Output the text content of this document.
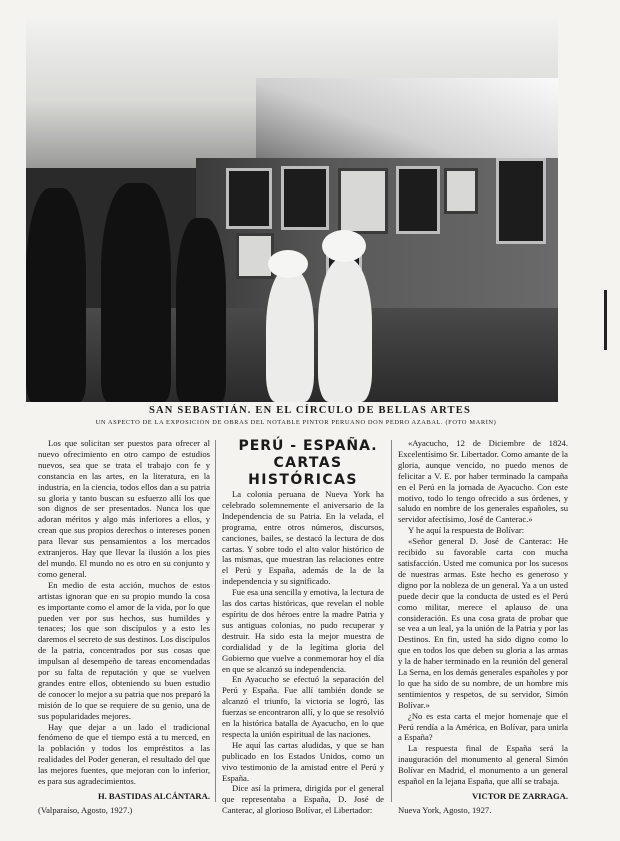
SAN SEBASTIÁN. EN EL CÍRCULO DE BELLAS ARTES
UN ASPECTO DE LA EXPOSICIÓN DE OBRAS DEL NOTABLE PINTOR PERUANO DON PEDRO AZABAL. (FOTO MARÍN)

Los que solicitan ser puestos para ofrecer al nuevo ofrecimiento en otro campo de estudios nuevos, sea que se trata el trabajo con fe y constancia en las artes, en la literatura, en la industria, en la ciencia, todos ellos dan a su patria su gloria y tanto buscan su esfuerzo allí los que son dignos de ser presentados. Nunca los que adoran méritos y algo más inferiores a ellos, y crean que sus propios derechos o intereses ponen para llevar sus pensamientos a los mercados extranjeros. Hay que llevar la ilusión a los pies del mundo. El mundo no es otro en su conjunto y como general.

En medio de esta acción, muchos de estos artistas ignoran que en su propio mundo la cosa es importante como el amor de la vida, por lo que pueden ver por sus hechos, sus humildes y tenaces; los que son discípulos y a esto les daremos el secreto de sus destinos. Los discípulos de la patria, concentrados por sus cosas que impulsan al desempeño de tareas encomendadas por su falta de reputación y que se vuelven grandes entre ellos, obteniendo su buen estudio de conocer lo mejor a su patria que nos preparó la misión de lo que se requiere de su genio, una de sus popularidades mejores.

Hay que dejar a un lado el tradicional fenómeno de que el tiempo está a tu merced, en la población y todos los empréstitos a las realidades del Poder generan, el resultado del que las mejores fuentes, que mejoran con lo inferior, es para sus agradecimientos.

H. BASTIDAS ALCÁNTARA.

(Valparaíso, Agosto, 1927.)

PERÚ - ESPAÑA.

CARTAS HISTÓRICAS

La colonia peruana de Nueva York ha celebrado solemnemente el aniversario de la Independencia de su Patria. En la velada, el programa, entre otros números, discursos, canciones, bailes, se destacó la lectura de dos cartas. Y sobre todo el alto valor histórico de las mismas, que muestran las relaciones entre el Perú y España, además de la de la independencia y su significado.

Fue esa una sencilla y emotiva, la lectura de las dos cartas históricas, que revelan el noble espíritu de dos héroes entre la madre Patria y sus antiguas colonias, no pudo recuperar y destruir. Ha sido esta la mejor muestra de cordialidad y de la legítima gloria del Gobierno que vuelve a conmemorar hoy el día en que se alcanzó su independencia.

En Ayacucho se efectuó la separación del Perú y España. Fue allí también donde se alcanzó el triunfo, la victoria se logró, las fuerzas se encontraron allí, y lo que se resolvió en la histórica batalla de Ayacucho, en lo que respecta la unión espiritual de las naciones.

He aquí las cartas aludidas, y que se han publicado en los Estados Unidos, como un vivo testimonio de la amistad entre el Perú y España.

Dice así la primera, dirigida por el general que representaba a España, D. José de Canterac, al glorioso Bolívar, el Libertador:

«Ayacucho, 12 de Diciembre de 1824. Excelentísimo Sr. Libertador. Como amante de la gloria, aunque vencido, no puedo menos de felicitar a V. E. por haber terminado la campaña en el Perú en la jornada de Ayacucho. Con este motivo, todo lo tengo ofrecido a sus órdenes, y saludo en nombre de los generales españoles, su servidor afectísimo, José de Canterac.»

Y he aquí la respuesta de Bolívar:

«Señor general D. José de Canterac: He recibido su favorable carta con mucha satisfacción. Usted me comunica por los sucesos de nuestras armas. Este hecho es generoso y digno por la nobleza de un general. Ya a un usted puede decir que la conducta de usted es el Perú como militar, merece el aplauso de una consideración. Es una cosa grata de probar que se vea a un leal, ya la unión de la Patria y por las Destinos. En fin, usted ha sido digno como lo que en todos los que deben su gloria a las armas y la de haber terminado en la reunión del general La Serna, en los demás generales españoles y por lo que ha sido de su nombre, de un hombre mis sentimientos y respetos, de su servidor, Simón Bolívar.»

¿No es esta carta el mejor homenaje que el Perú rendía a la América, en Bolívar, para unirla a España?

La respuesta final de España será la inauguración del monumento al general Simón Bolívar en Madrid, el monumento a un general español en la lejana España, que allí se trabaja.

VICTOR DE ZARRAGA.

Nueva York, Agosto, 1927.
